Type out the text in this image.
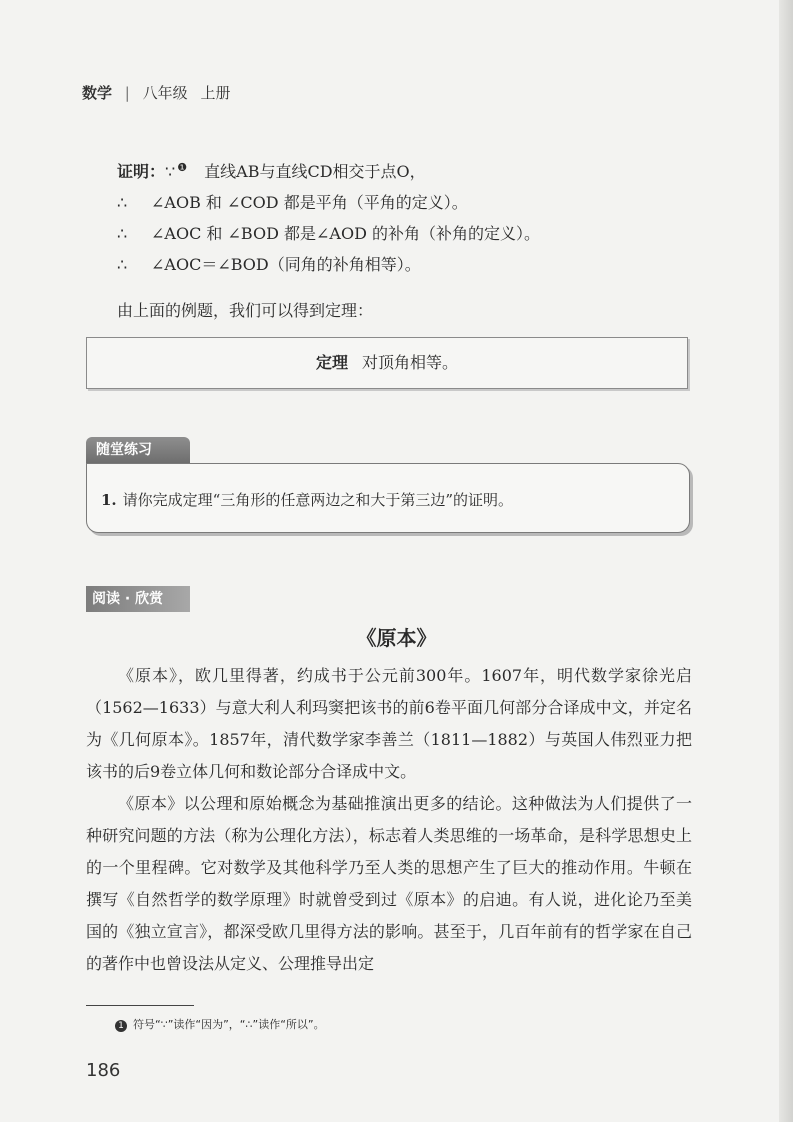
数学 | 八年级 上册
证明：∵ $^❶$ 直线AB与直线CD相交于点O，
∴ ∠AOB 和 ∠COD 都是平角（平角的定义）。
∴ ∠AOC 和 ∠BOD 都是∠AOD 的补角（补角的定义）。
∴ ∠AOC＝∠BOD（同角的补角相等）。
由上面的例题，我们可以得到定理：
定理 对顶角相等。
随堂练习
1. 请你完成定理“三角形的任意两边之和大于第三边”的证明。
阅读 · 欣赏
《原本》

《原本》，欧几里得著，约成书于公元前300年。1607年，明代数学家徐光启（1562—1633）与意大利人利玛窦把该书的前6卷平面几何部分合译成中文，并定名为《几何原本》。1857年，清代数学家李善兰（1811—1882）与英国人伟烈亚力把该书的后9卷立体几何和数论部分合译成中文。

《原本》以公理和原始概念为基础推演出更多的结论。这种做法为人们提供了一种研究问题的方法（称为公理化方法），标志着人类思维的一场革命，是科学思想史上的一个里程碑。它对数学及其他科学乃至人类的思想产生了巨大的推动作用。牛顿在撰写《自然哲学的数学原理》时就曾受到过《原本》的启迪。有人说，进化论乃至美国的《独立宣言》，都深受欧几里得方法的影响。甚至于，几百年前有的哲学家在自己的著作中也曾设法从定义、公理推导出定

1 符号“∵”读作“因为”，“∴”读作“所以”。
186
